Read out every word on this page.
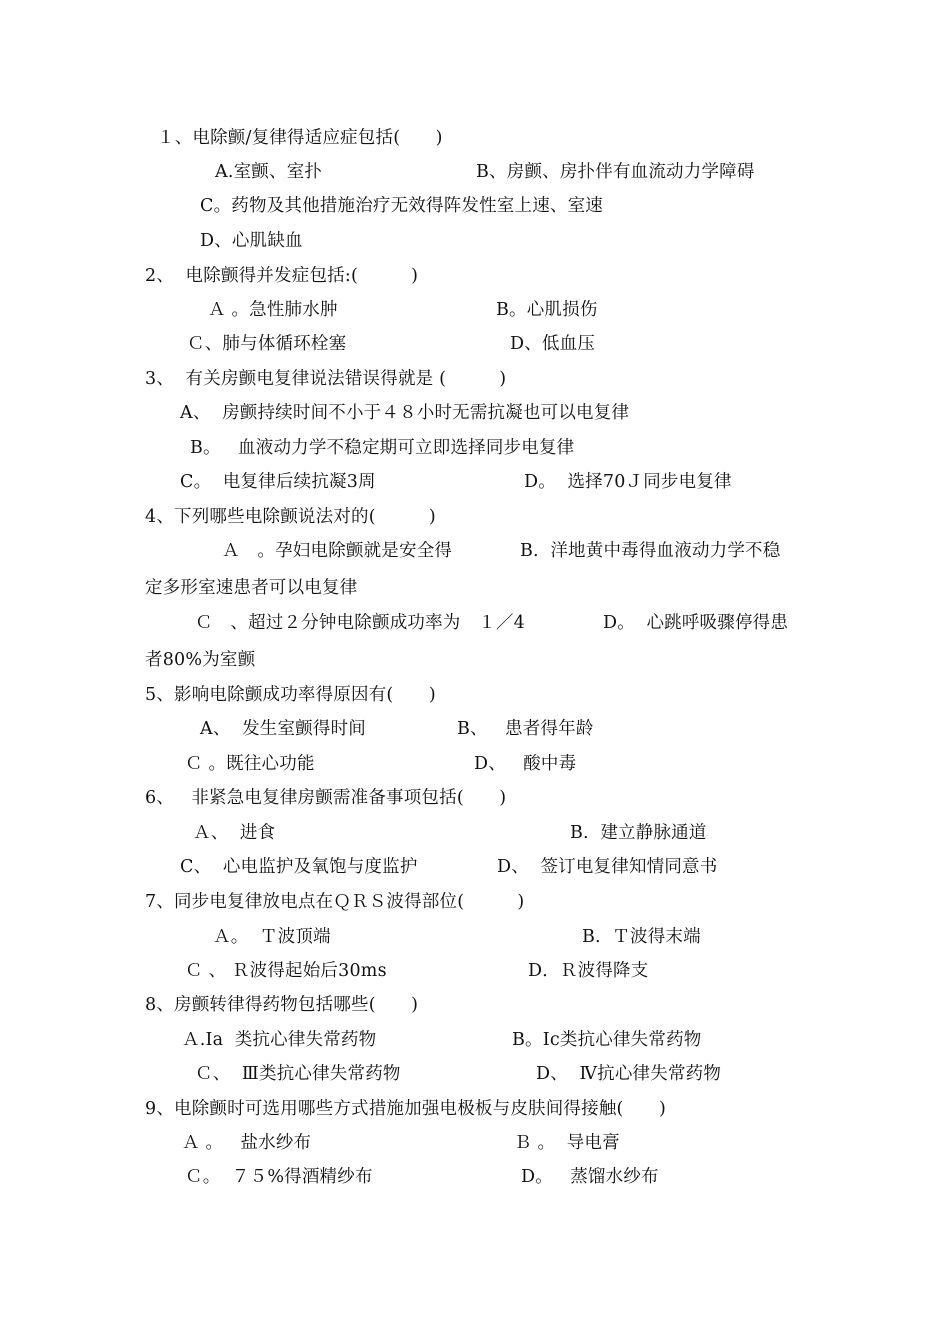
１、电除颤/复律得适应症包括(　　)
A.室颤、室扑	B、房颤、房扑伴有血流动力学障碍
C。药物及其他措施治疗无效得阵发性室上速、室速
D、心肌缺血
2、  电除颤得并发症包括:(　　　)
Ａ 。急性肺水肿	B。心肌损伤
Ｃ、肺与体循环栓塞	D、低血压
3、  有关房颤电复律说法错误得就是 (　　　)
A、  房颤持续时间不小于４８小时无需抗凝也可以电复律
B。   血液动力学不稳定期可立即选择同步电复律
C。  电复律后续抗凝3周	D。  选择70Ｊ同步电复律
4、下列哪些电除颤说法对的(　　　)
Ａ　。孕妇电除颤就是安全得	B.  洋地黄中毒得血液动力学不稳
定多形室速患者可以电复律
Ｃ　、超过２分钟电除颤成功率为　１／4	D。  心跳呼吸骤停得患
者80%为室颤
5、影响电除颤成功率得原因有(　　)
A、  发生室颤得时间	B、   患者得年龄
Ｃ 。既往心功能	D、   酸中毒
6、   非紧急电复律房颤需准备事项包括(　　)
Ａ、  进食	B.  建立静脉通道
C、  心电监护及氧饱与度监护	D、  签订电复律知情同意书
7、同步电复律放电点在ＱＲＳ波得部位(　　　)
Ａ。  Ｔ波顶端	B.  Ｔ波得末端
Ｃ 、 Ｒ波得起始后30ms	D．Ｒ波得降支
8、房颤转律得药物包括哪些(　　)
Ａ.Ⅰa  类抗心律失常药物	B。Ⅰc类抗心律失常药物
Ｃ、  Ⅲ类抗心律失常药物	D、  Ⅳ抗心律失常药物
9、电除颤时可选用哪些方式措施加强电极板与皮肤间得接触(　　)
Ａ 。   盐水纱布	Ｂ 。  导电膏
Ｃ。  ７５%得酒精纱布	D。   蒸馏水纱布
